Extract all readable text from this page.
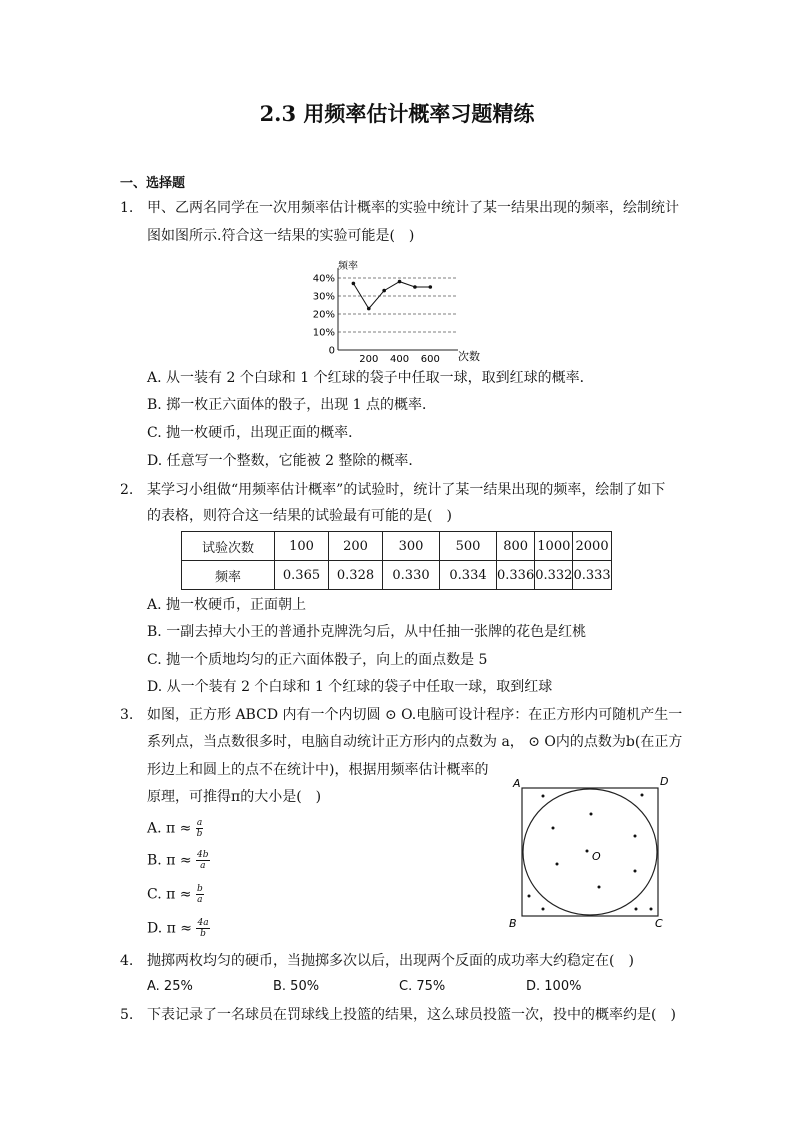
2.3 用频率估计概率习题精练
一、选择题
1. 甲、乙两名同学在一次用频率估计概率的实验中统计了某一结果出现的频率，绘制统计
图如图所示.符合这一结果的实验可能是(　)
频率
次数
40%
30%
20%
10%
0
200 400 600
A. 从一装有 2 个白球和 1 个红球的袋子中任取一球，取到红球的概率．
B. 掷一枚正六面体的骰子，出现 1 点的概率．
C. 抛一枚硬币，出现正面的概率．
D. 任意写一个整数，它能被 2 整除的概率．
2. 某学习小组做“用频率估计概率”的试验时，统计了某一结果出现的频率，绘制了如下
的表格，则符合这一结果的试验最有可能的是(　)
试验次数	100	200	300	500	800	1000	2000
频率	0.365	0.328	0.330	0.334	0.336	0.332	0.333
A. 抛一枚硬币，正面朝上
B. 一副去掉大小王的普通扑克牌洗匀后，从中任抽一张牌的花色是红桃
C. 抛一个质地均匀的正六面体骰子，向上的面点数是 5
D. 从一个装有 2 个白球和 1 个红球的袋子中任取一球，取到红球
3. 如图，正方形 ABCD 内有一个内切圆 ⊙ O.电脑可设计程序：在正方形内可随机产生一
系列点，当点数很多时，电脑自动统计正方形内的点数为 a， ⊙ O内的点数为b(在正方
形边上和圆上的点不在统计中)，根据用频率估计概率的
原理，可推得π的大小是(　)
A. $\pi \approx \frac{a}{b}$
B. $\pi \approx \frac{4b}{a}$
C. $\pi \approx \frac{b}{a}$
D. $\pi \approx \frac{4a}{b}$
A	D
B	C
O
4. 抛掷两枚均匀的硬币，当抛掷多次以后，出现两个反面的成功率大约稳定在(　)
A. 25%	B. 50%	C. 75%	D. 100%
5. 下表记录了一名球员在罚球线上投篮的结果，这么球员投篮一次，投中的概率约是(　)
